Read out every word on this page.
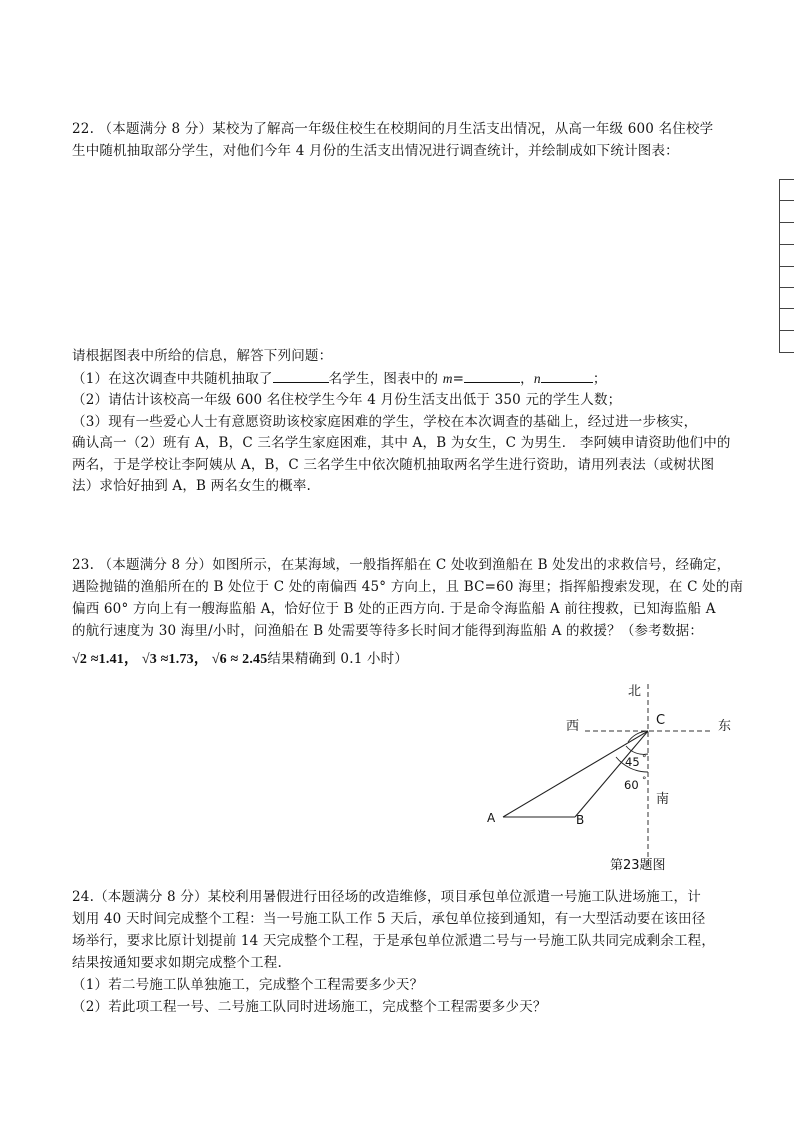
22. （本题满分 8 分）某校为了解高一年级住校生在校期间的月生活支出情况，从高一年级 600 名住校学
生中随机抽取部分学生，对他们今年 4 月份的生活支出情况进行调查统计，并绘制成如下统计图表：
请根据图表中所给的信息，解答下列问题：
（1）在这次调查中共随机抽取了	名学生，图表中的 m=	，n	；
（2）请估计该校高一年级 600 名住校学生今年 4 月份生活支出低于 350 元的学生人数；
（3）现有一些爱心人士有意愿资助该校家庭困难的学生，学校在本次调查的基础上，经过进一步核实，
确认高一（2）班有 A，B，C 三名学生家庭困难，其中 A，B 为女生，C 为男生． 李阿姨申请资助他们中的
两名，于是学校让李阿姨从 A，B，C 三名学生中依次随机抽取两名学生进行资助，请用列表法（或树状图
法）求恰好抽到 A，B 两名女生的概率.
23. （本题满分 8 分）如图所示，在某海域，一般指挥船在 C 处收到渔船在 B 处发出的求救信号，经确定，
遇险抛锚的渔船所在的 B 处位于 C 处的南偏西 45° 方向上，且 BC=60 海里；指挥船搜索发现，在 C 处的南
偏西 60° 方向上有一艘海监船 A，恰好位于 B 处的正西方向. 于是命令海监船 A 前往搜救，已知海监船 A
的航行速度为 30 海里/小时，问渔船在 B 处需要等待多长时间才能得到海监船 A 的救援？（参考数据：
√2 ≈1.41， √3 ≈1.73， √6 ≈ 2.45结果精确到 0.1 小时）
北
C
西	东
45 °
60 °
南
A	B
第23题图
24.（本题满分 8 分）某校利用暑假进行田径场的改造维修，项目承包单位派遣一号施工队进场施工，计
划用 40 天时间完成整个工程：当一号施工队工作 5 天后，承包单位接到通知，有一大型活动要在该田径
场举行，要求比原计划提前 14 天完成整个工程，于是承包单位派遣二号与一号施工队共同完成剩余工程，
结果按通知要求如期完成整个工程.
（1）若二号施工队单独施工，完成整个工程需要多少天？
（2）若此项工程一号、二号施工队同时进场施工，完成整个工程需要多少天？
